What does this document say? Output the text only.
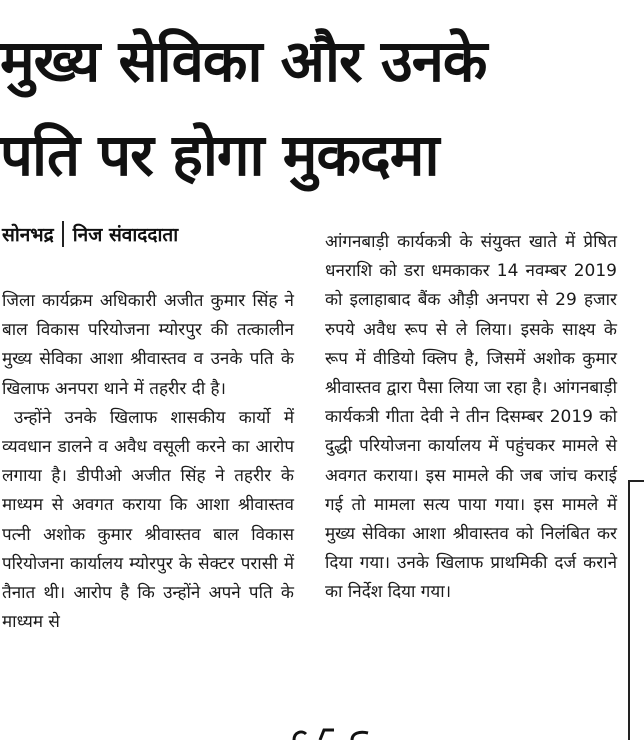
मुख्य सेविका और उनके
पति पर होगा मुकदमा
सोनभद्र निज संवाददाता

जिला कार्यक्रम अधिकारी अजीत कुमार सिंह ने बाल विकास परियोजना म्योरपुर की तत्कालीन मुख्य सेविका आशा श्रीवास्तव व उनके पति के खिलाफ अनपरा थाने में तहरीर दी है।

उन्होंने उनके खिलाफ शासकीय कार्यो में व्यवधान डालने व अवैध वसूली करने का आरोप लगाया है। डीपीओ अजीत सिंह ने तहरीर के माध्यम से अवगत कराया कि आशा श्रीवास्तव पत्नी अशोक कुमार श्रीवास्तव बाल विकास परियोजना कार्यालय म्योरपुर के सेक्टर परासी में तैनात थी। आरोप है कि उन्होंने अपने पति के माध्यम से

आंगनबाड़ी कार्यकत्री के संयुक्त खाते में प्रेषित धनराशि को डरा धमकाकर 14 नवम्बर 2019 को इलाहाबाद बैंक औड़ी अनपरा से 29 हजार रुपये अवैध रूप से ले लिया। इसके साक्ष्य के रूप में वीडियो क्लिप है, जिसमें अशोक कुमार श्रीवास्तव द्वारा पैसा लिया जा रहा है। आंगनबाड़ी कार्यकत्री गीता देवी ने तीन दिसम्बर 2019 को दुद्धी परियोजना कार्यालय में पहुंचकर मामले से अवगत कराया। इस मामले की जब जांच कराई गई तो मामला सत्य पाया गया। इस मामले में मुख्य सेविका आशा श्रीवास्तव को निलंबित कर दिया गया। उनके खिलाफ प्राथमिकी दर्ज कराने का निर्देश दिया गया।
